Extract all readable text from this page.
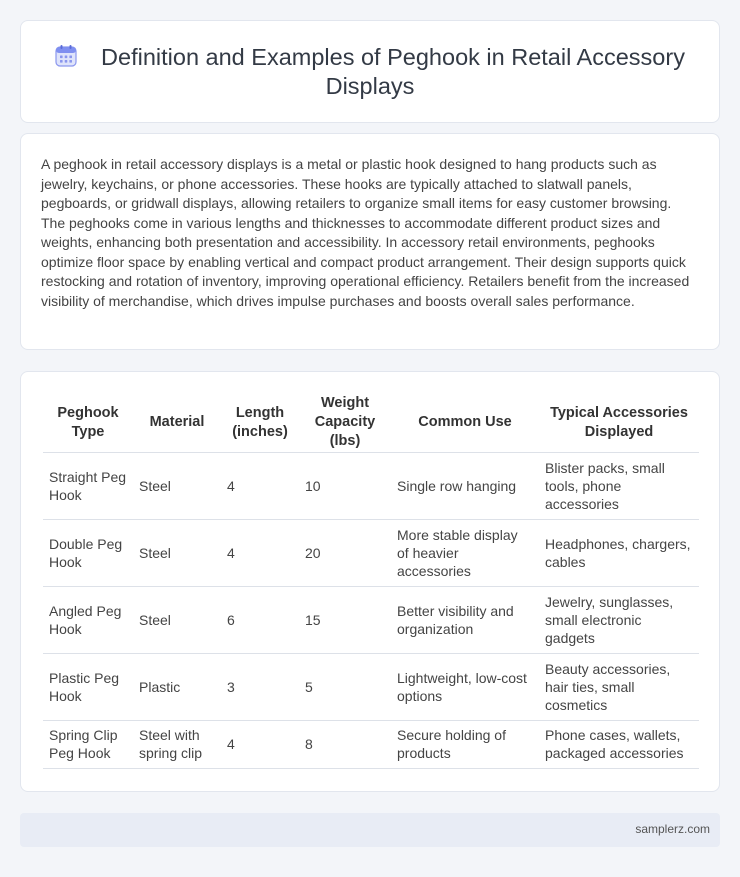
Definition and Examples of Peghook in Retail Accessory Displays

A peghook in retail accessory displays is a metal or plastic hook designed to hang products such as jewelry, keychains, or phone accessories. These hooks are typically attached to slatwall panels, pegboards, or gridwall displays, allowing retailers to organize small items for easy customer browsing. The peghooks come in various lengths and thicknesses to accommodate different product sizes and weights, enhancing both presentation and accessibility. In accessory retail environments, peghooks optimize floor space by enabling vertical and compact product arrangement. Their design supports quick restocking and rotation of inventory, improving operational efficiency. Retailers benefit from the increased visibility of merchandise, which drives impulse purchases and boosts overall sales performance.

Peghook Type	Material	Length (inches)	Weight Capacity (lbs)	Common Use	Typical Accessories Displayed
Straight Peg Hook	Steel	4	10	Single row hanging	Blister packs, small tools, phone accessories
Double Peg Hook	Steel	4	20	More stable display of heavier accessories	Headphones, chargers, cables
Angled Peg Hook	Steel	6	15	Better visibility and organization	Jewelry, sunglasses, small electronic gadgets
Plastic Peg Hook	Plastic	3	5	Lightweight, low-cost options	Beauty accessories, hair ties, small cosmetics
Spring Clip Peg Hook	Steel with spring clip	4	8	Secure holding of products	Phone cases, wallets, packaged accessories
samplerz.com
